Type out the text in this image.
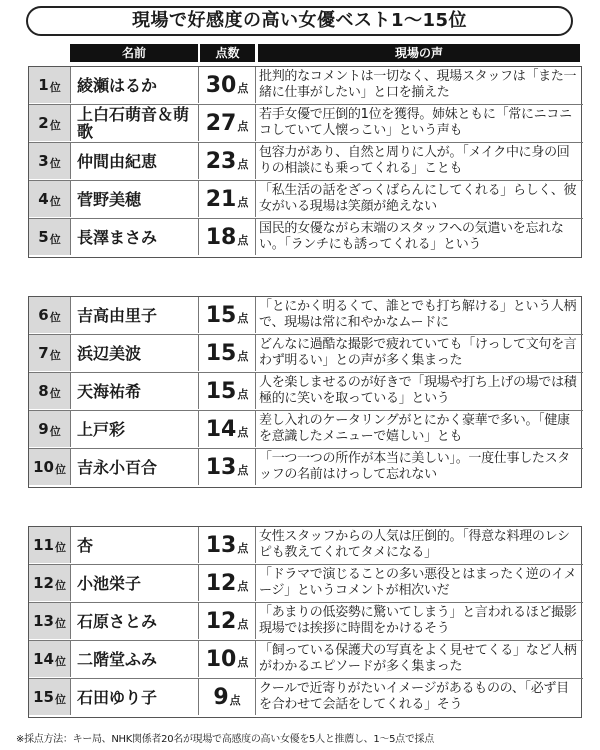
現場で好感度の高い女優ベスト1～15位
名前	点数	現場の声
1 位	綾瀬はるか	30 点
批判的なコメントは一切なく、現場スタッフは「また一緒に仕事がしたい」と口を揃えた
2 位
上白石萌音＆萌歌	27 点
若手女優で圧倒的1位を獲得。姉妹ともに「常にニコニコしていて人懐っこい」という声も
3 位	仲間由紀恵	23 点
包容力があり、自然と周りに人が。「メイク中に身の回りの相談にも乗ってくれる」ことも
4 位	菅野美穂	21 点
「私生活の話をざっくばらんにしてくれる」らしく、彼女がいる現場は笑顔が絶えない
5 位	長澤まさみ	18 点
国民的女優ながら末端のスタッフへの気遣いを忘れない。「ランチにも誘ってくれる」という
6 位	吉高由里子	15 点
「とにかく明るくて、誰とでも打ち解ける」という人柄で、現場は常に和やかなムードに
7 位	浜辺美波	15 点
どんなに過酷な撮影で疲れていても「けっして文句を言わず明るい」との声が多く集まった
8 位	天海祐希	15 点
人を楽しませるのが好きで「現場や打ち上げの場では積極的に笑いを取っている」という
9 位	上戸彩	14 点
差し入れのケータリングがとにかく豪華で多い。「健康を意識したメニューで嬉しい」とも
10 位 吉永小百合	13 点
「一つ一つの所作が本当に美しい」。一度仕事したスタッフの名前はけっして忘れない
11 位 杏	13 点
女性スタッフからの人気は圧倒的。「得意な料理のレシピも教えてくれてタメになる」
12 位 小池栄子	12 点
「ドラマで演じることの多い悪役とはまったく逆のイメージ」というコメントが相次いだ
13 位 石原さとみ	12 点
「あまりの低姿勢に驚いてしまう」と言われるほど撮影現場では挨拶に時間をかけるそう
14 位 二階堂ふみ	10 点
「飼っている保護犬の写真をよく見せてくる」など人柄がわかるエピソードが多く集まった
15 位 石田ゆり子	9 点
クールで近寄りがたいイメージがあるものの、「必ず目を合わせて会話をしてくれる」そう
※採点方法：キー局、NHK関係者20名が現場で高感度の高い女優を5人と推薦し、1～5点で採点
